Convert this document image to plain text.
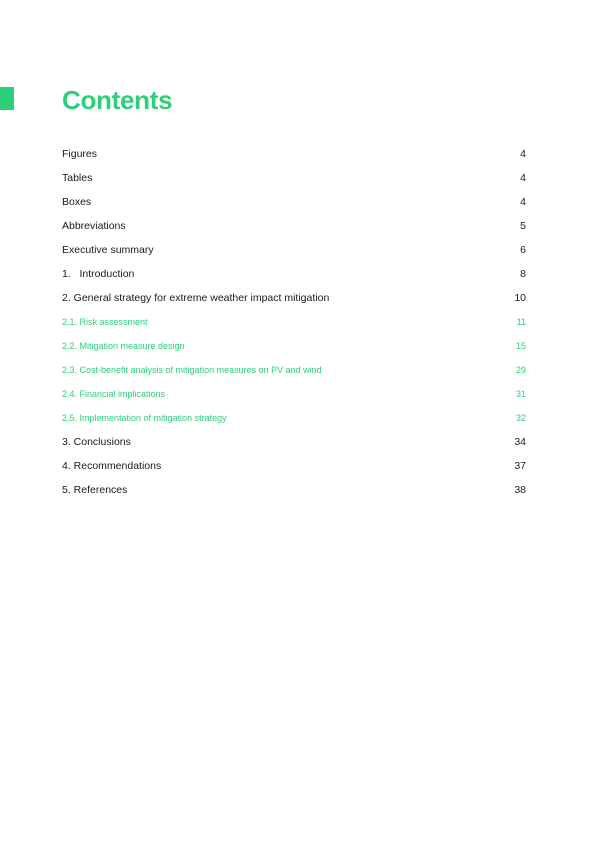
Contents
Figures	4
Tables	4
Boxes	4
Abbreviations	5
Executive summary	6
1.   Introduction	8
2. General strategy for extreme weather impact mitigation	10
2.1. Risk assessment	11
2.2. Mitigation measure design	15
2.3. Cost-benefit analysis of mitigation measures on PV and wind	29
2.4. Financial implications	31
2.5. Implementation of mitigation strategy	32
3. Conclusions	34
4. Recommendations	37
5. References	38
